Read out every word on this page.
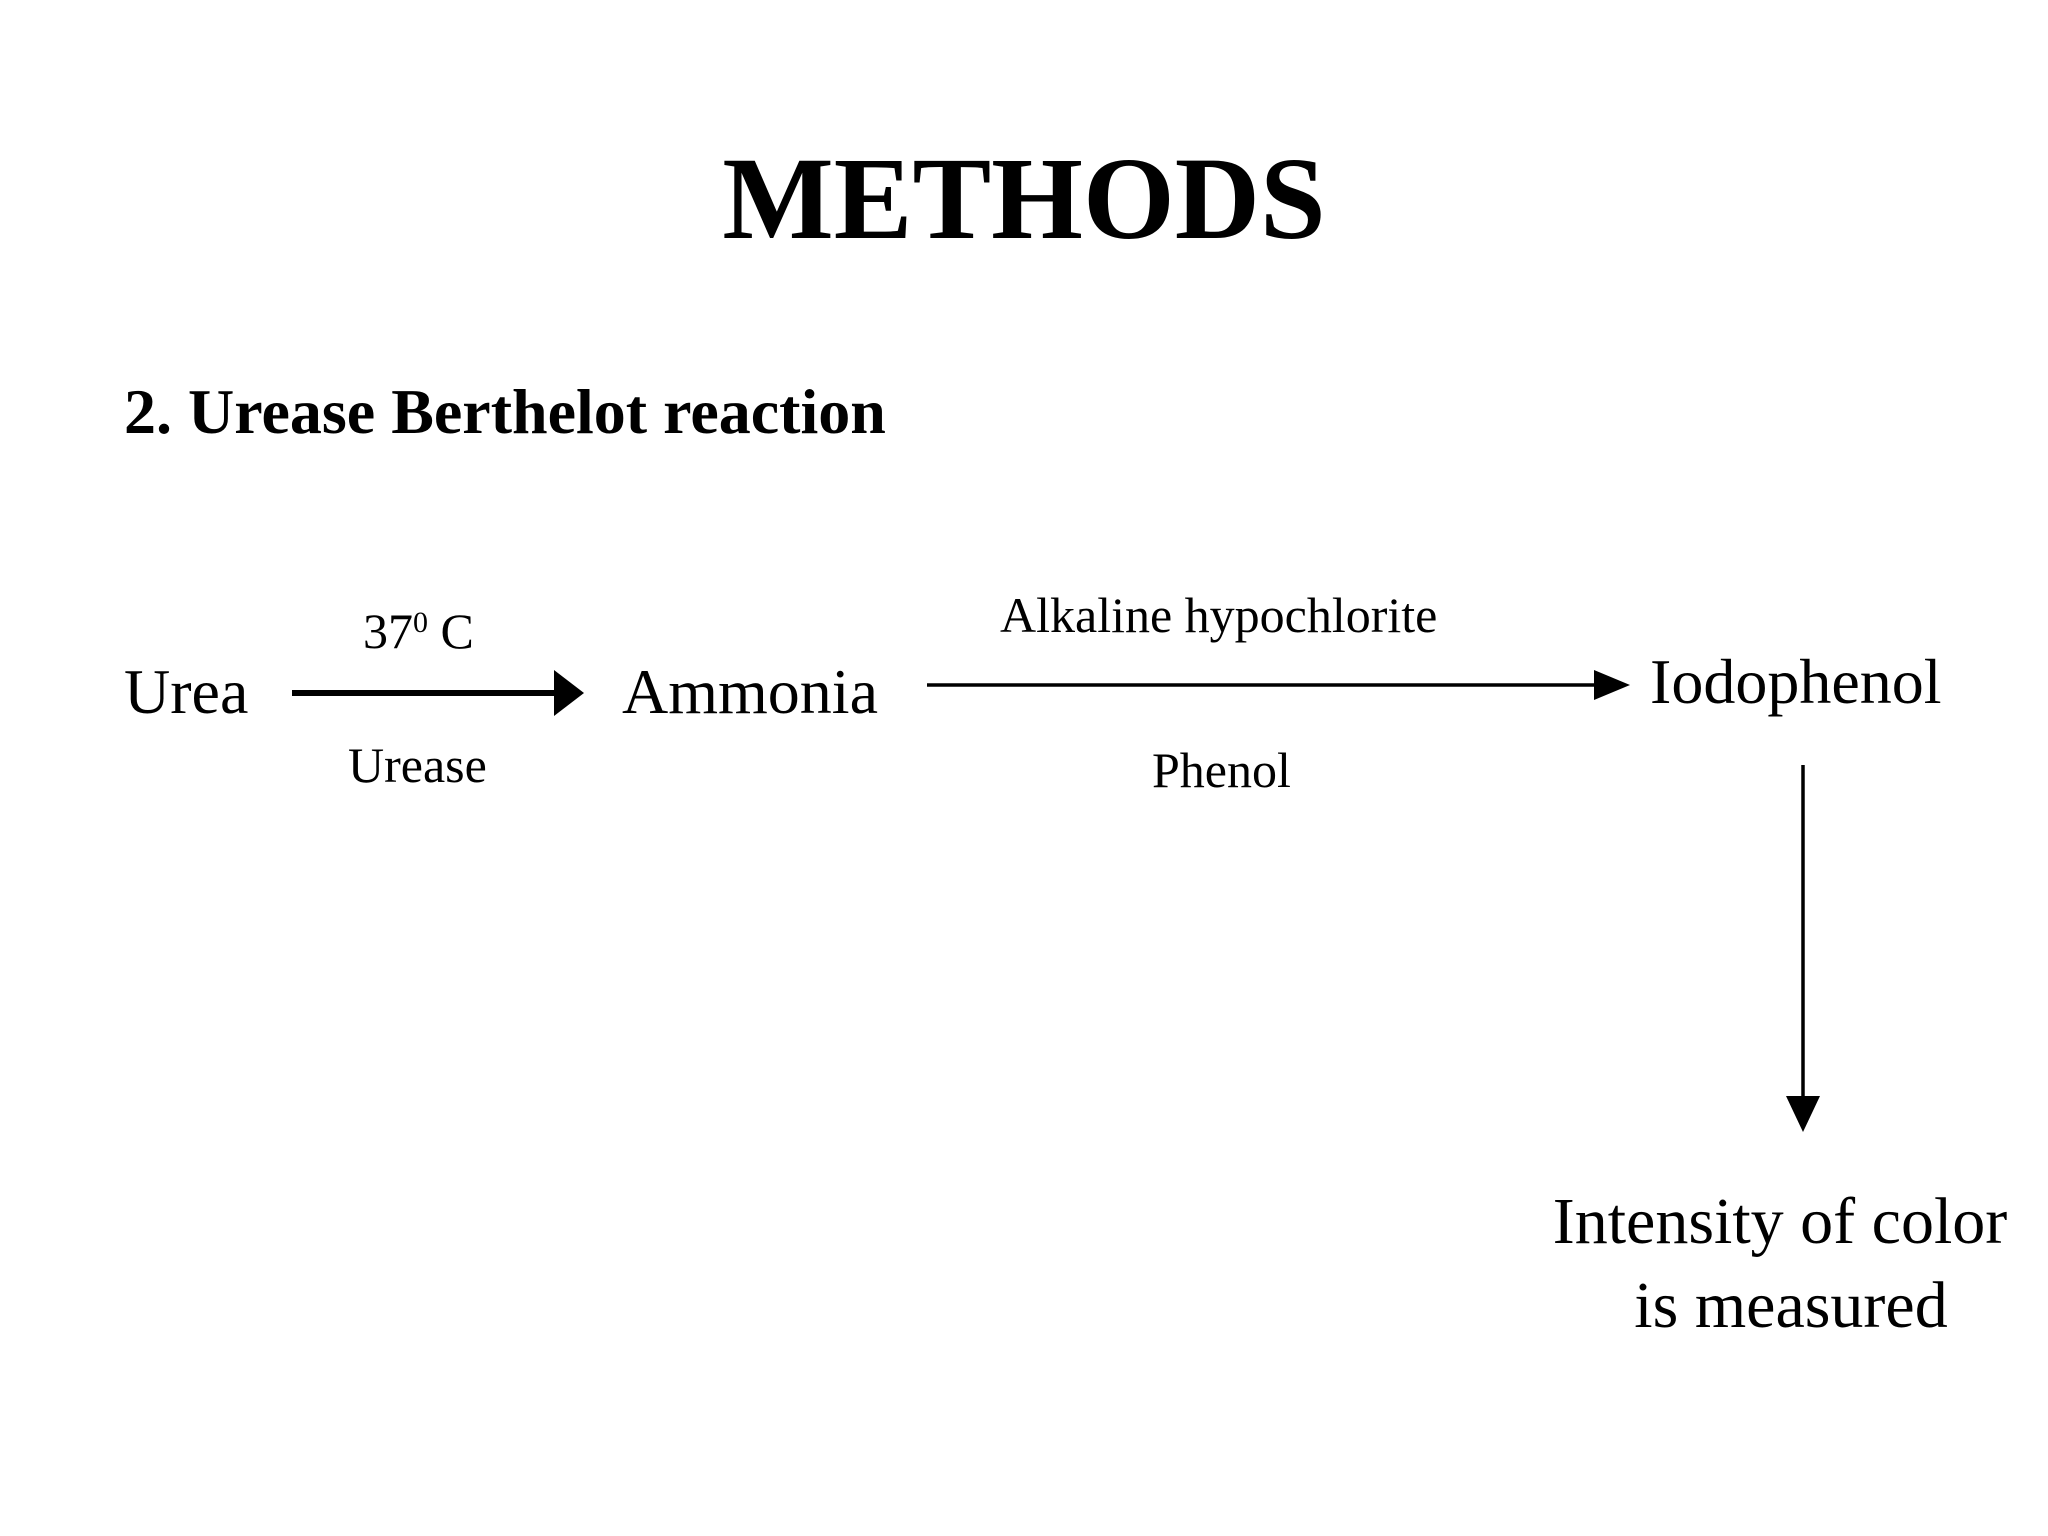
METHODS
2. Urease Berthelot reaction
Urea	Ammonia	Iodophenol
$37^0$ C
Urease
Alkaline hypochlorite
Phenol
Intensity of color
is measured
